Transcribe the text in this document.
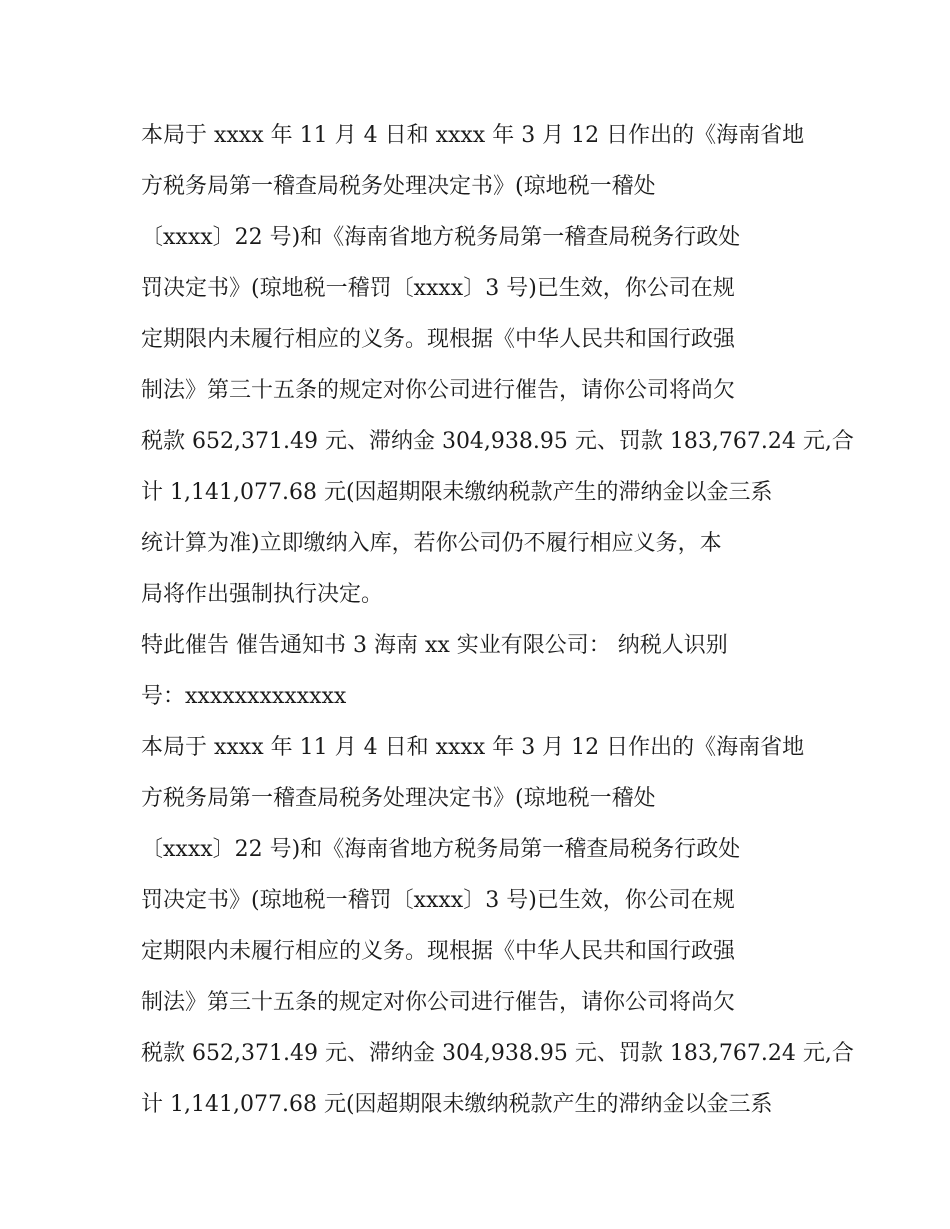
本局于 xxxx 年 11 月 4 日和 xxxx 年 3 月 12 日作出的《海南省地
方税务局第一稽查局税务处理决定书》(琼地税一稽处
〔xxxx〕22 号)和《海南省地方税务局第一稽查局税务行政处
罚决定书》(琼地税一稽罚〔xxxx〕3 号)已生效，你公司在规
定期限内未履行相应的义务。现根据《中华人民共和国行政强
制法》第三十五条的规定对你公司进行催告，请你公司将尚欠
税款 652,371.49 元、滞纳金 304,938.95 元、罚款 183,767.24 元,合
计 1,141,077.68 元(因超期限未缴纳税款产生的滞纳金以金三系
统计算为准)立即缴纳入库，若你公司仍不履行相应义务，本
局将作出强制执行决定。
特此催告 催告通知书 3 海南 xx 实业有限公司： 纳税人识别
号：xxxxxxxxxxxxx
本局于 xxxx 年 11 月 4 日和 xxxx 年 3 月 12 日作出的《海南省地
方税务局第一稽查局税务处理决定书》(琼地税一稽处
〔xxxx〕22 号)和《海南省地方税务局第一稽查局税务行政处
罚决定书》(琼地税一稽罚〔xxxx〕3 号)已生效，你公司在规
定期限内未履行相应的义务。现根据《中华人民共和国行政强
制法》第三十五条的规定对你公司进行催告，请你公司将尚欠
税款 652,371.49 元、滞纳金 304,938.95 元、罚款 183,767.24 元,合
计 1,141,077.68 元(因超期限未缴纳税款产生的滞纳金以金三系
